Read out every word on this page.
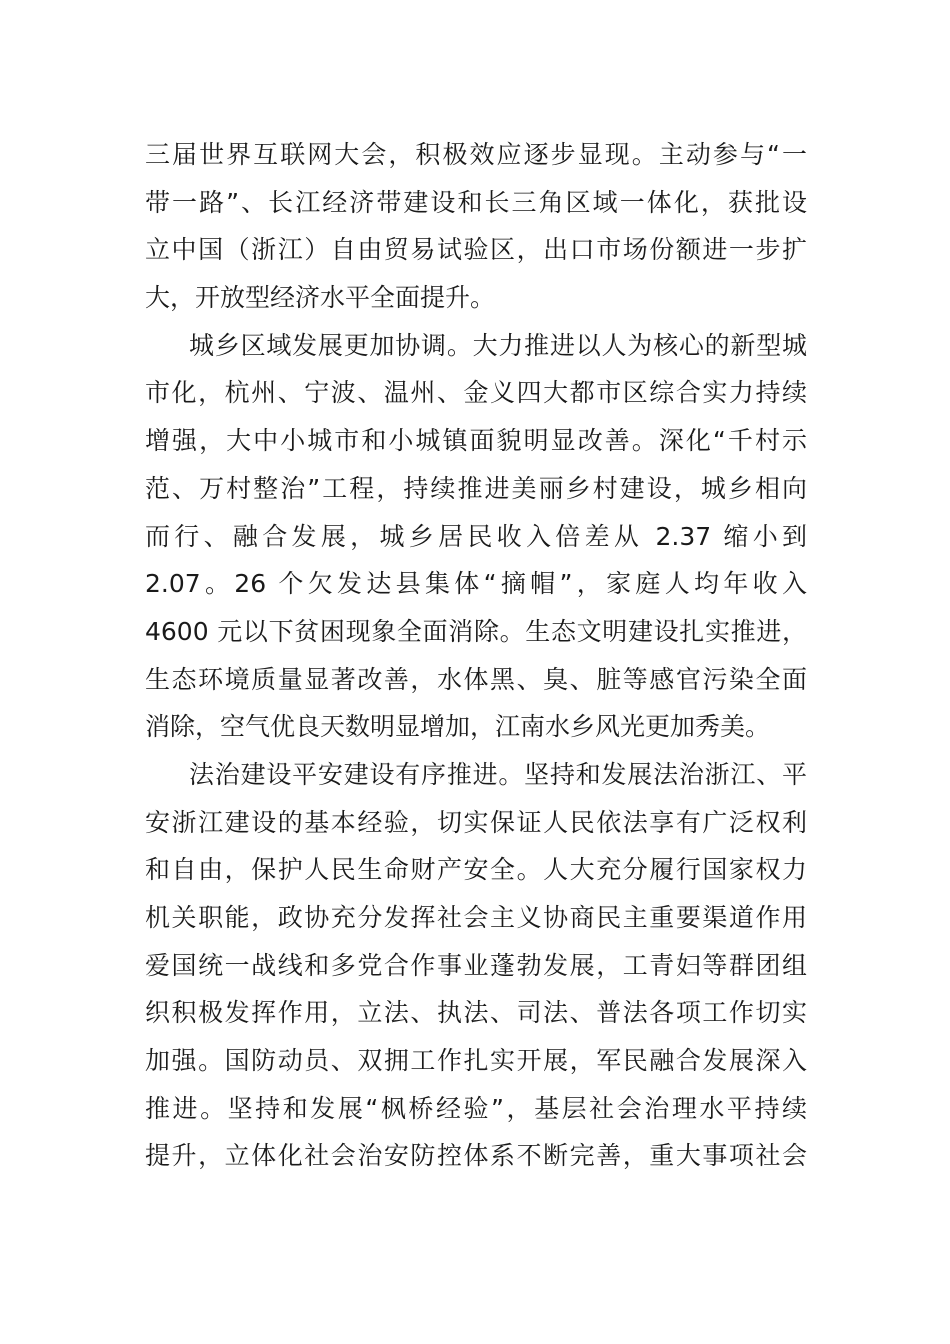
三届世界互联网大会，积极效应逐步显现。主动参与“一
带一路”、长江经济带建设和长三角区域一体化，获批设
立中国（浙江）自由贸易试验区，出口市场份额进一步扩
大，开放型经济水平全面提升。
城乡区域发展更加协调。大力推进以人为核心的新型城
市化，杭州、宁波、温州、金义四大都市区综合实力持续
增强，大中小城市和小城镇面貌明显改善。深化“千村示
范、万村整治”工程，持续推进美丽乡村建设，城乡相向
而行、融合发展，城乡居民收入倍差从 2.37 缩小到
2.07。26 个欠发达县集体“摘帽”，家庭人均年收入
4600 元以下贫困现象全面消除。生态文明建设扎实推进，
生态环境质量显著改善，水体黑、臭、脏等感官污染全面
消除，空气优良天数明显增加，江南水乡风光更加秀美。
法治建设平安建设有序推进。坚持和发展法治浙江、平
安浙江建设的基本经验，切实保证人民依法享有广泛权利
和自由，保护人民生命财产安全。人大充分履行国家权力
机关职能，政协充分发挥社会主义协商民主重要渠道作用
爱国统一战线和多党合作事业蓬勃发展，工青妇等群团组
织积极发挥作用，立法、执法、司法、普法各项工作切实
加强。国防动员、双拥工作扎实开展，军民融合发展深入
推进。坚持和发展“枫桥经验”，基层社会治理水平持续
提升，立体化社会治安防控体系不断完善，重大事项社会
